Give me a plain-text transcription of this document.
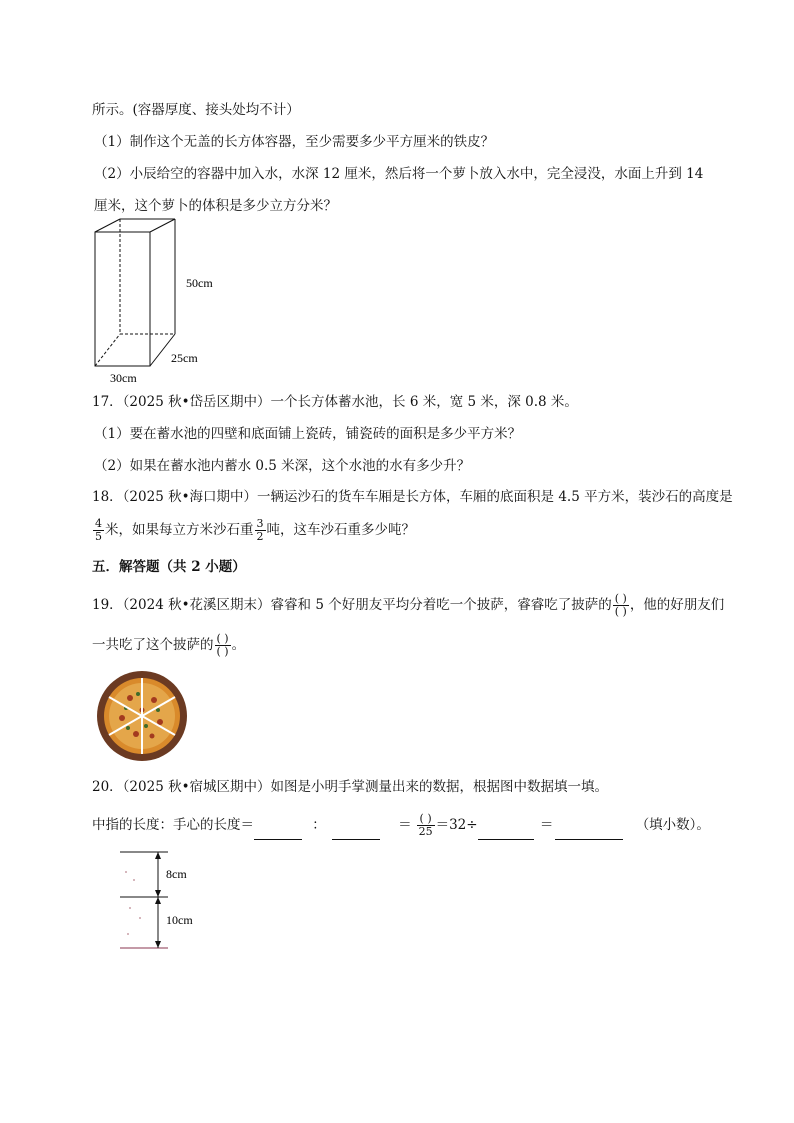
所示。(容器厚度、接头处均不计）
（1）制作这个无盖的长方体容器，至少需要多少平方厘米的铁皮？
（2）小辰给空的容器中加入水，水深 12 厘米，然后将一个萝卜放入水中，完全浸没，水面上升到 14
厘米，这个萝卜的体积是多少立方分米？
50cm
25cm
30cm
17．（2025 秋•岱岳区期中）一个长方体蓄水池，长 6 米，宽 5 米，深 0.8 米。
（1）要在蓄水池的四壁和底面铺上瓷砖，铺瓷砖的面积是多少平方米？
（2）如果在蓄水池内蓄水 0.5 米深，这个水池的水有多少升？
18．（2025 秋•海口期中）一辆运沙石的货车车厢是长方体，车厢的底面积是 4.5 平方米，装沙石的高度是
$\frac{4}{5}$ 米，如果每立方米沙石重 $\frac{3}{2}$ 吨，这车沙石重多少吨？
五．解答题（共 2 小题）
19．（2024 秋•花溪区期末）睿睿和 5 个好朋友平均分着吃一个披萨，睿睿吃了披萨的 $\frac{( )}{( )}$ ，他的好朋友们
一共吃了这个披萨的 $\frac{( )}{( )}$ 。
20．（2025 秋•宿城区期中）如图是小明手掌测量出来的数据，根据图中数据填一填。
中指的长度：手心的长度＝	：	＝ $\frac{( )}{25} =32\div$	＝	（填小数）。
8cm
10cm
